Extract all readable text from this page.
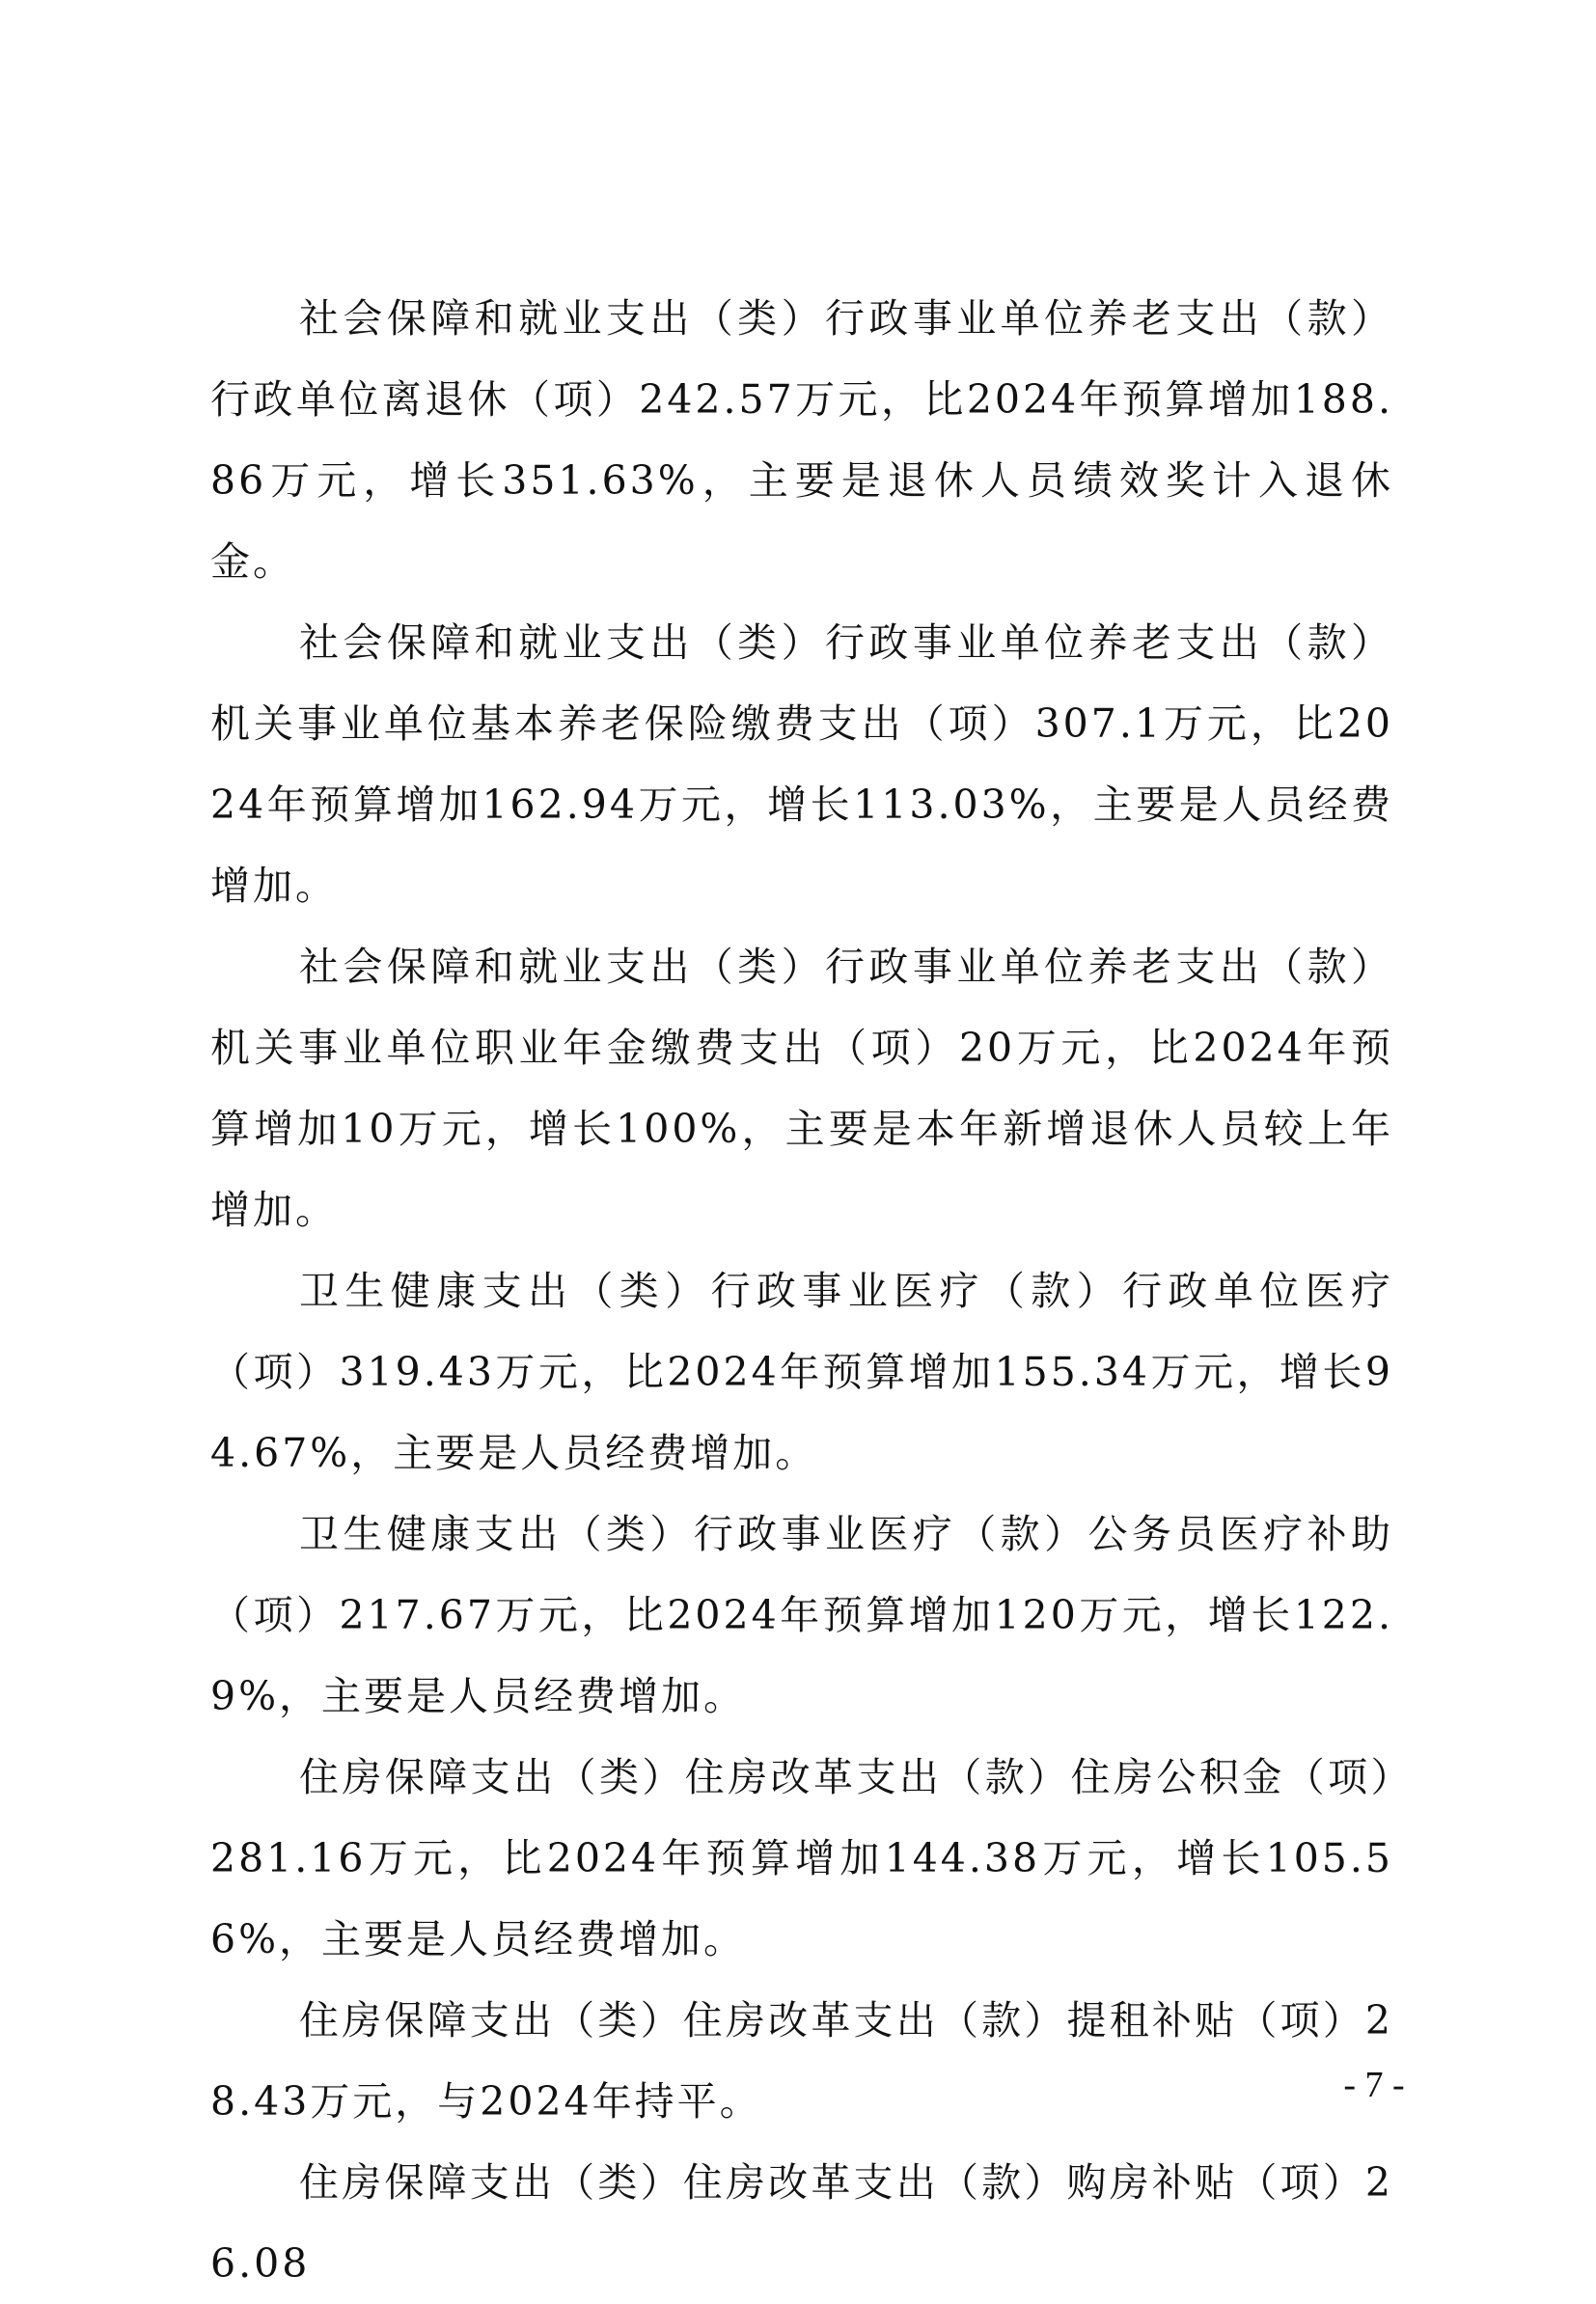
社会保障和就业支出（类）行政事业单位养老支出（款）行政单位离退休（项）242.57万元，比2024年预算增加188.86万元，增长351.63%，主要是退休人员绩效奖计入退休金。

社会保障和就业支出（类）行政事业单位养老支出（款）机关事业单位基本养老保险缴费支出（项）307.1万元，比2024年预算增加162.94万元，增长113.03%，主要是人员经费增加。

社会保障和就业支出（类）行政事业单位养老支出（款）机关事业单位职业年金缴费支出（项）20万元，比2024年预算增加10万元，增长100%，主要是本年新增退休人员较上年增加。

卫生健康支出（类）行政事业医疗（款）行政单位医疗（项）319.43万元，比2024年预算增加155.34万元，增长94.67%，主要是人员经费增加。

卫生健康支出（类）行政事业医疗（款）公务员医疗补助（项）217.67万元，比2024年预算增加120万元，增长122.9%，主要是人员经费增加。

住房保障支出（类）住房改革支出（款）住房公积金（项）281.16万元，比2024年预算增加144.38万元，增长105.56%，主要是人员经费增加。

住房保障支出（类）住房改革支出（款）提租补贴（项）28.43万元，与2024年持平。

住房保障支出（类）住房改革支出（款）购房补贴（项）26.08

- 7 -
